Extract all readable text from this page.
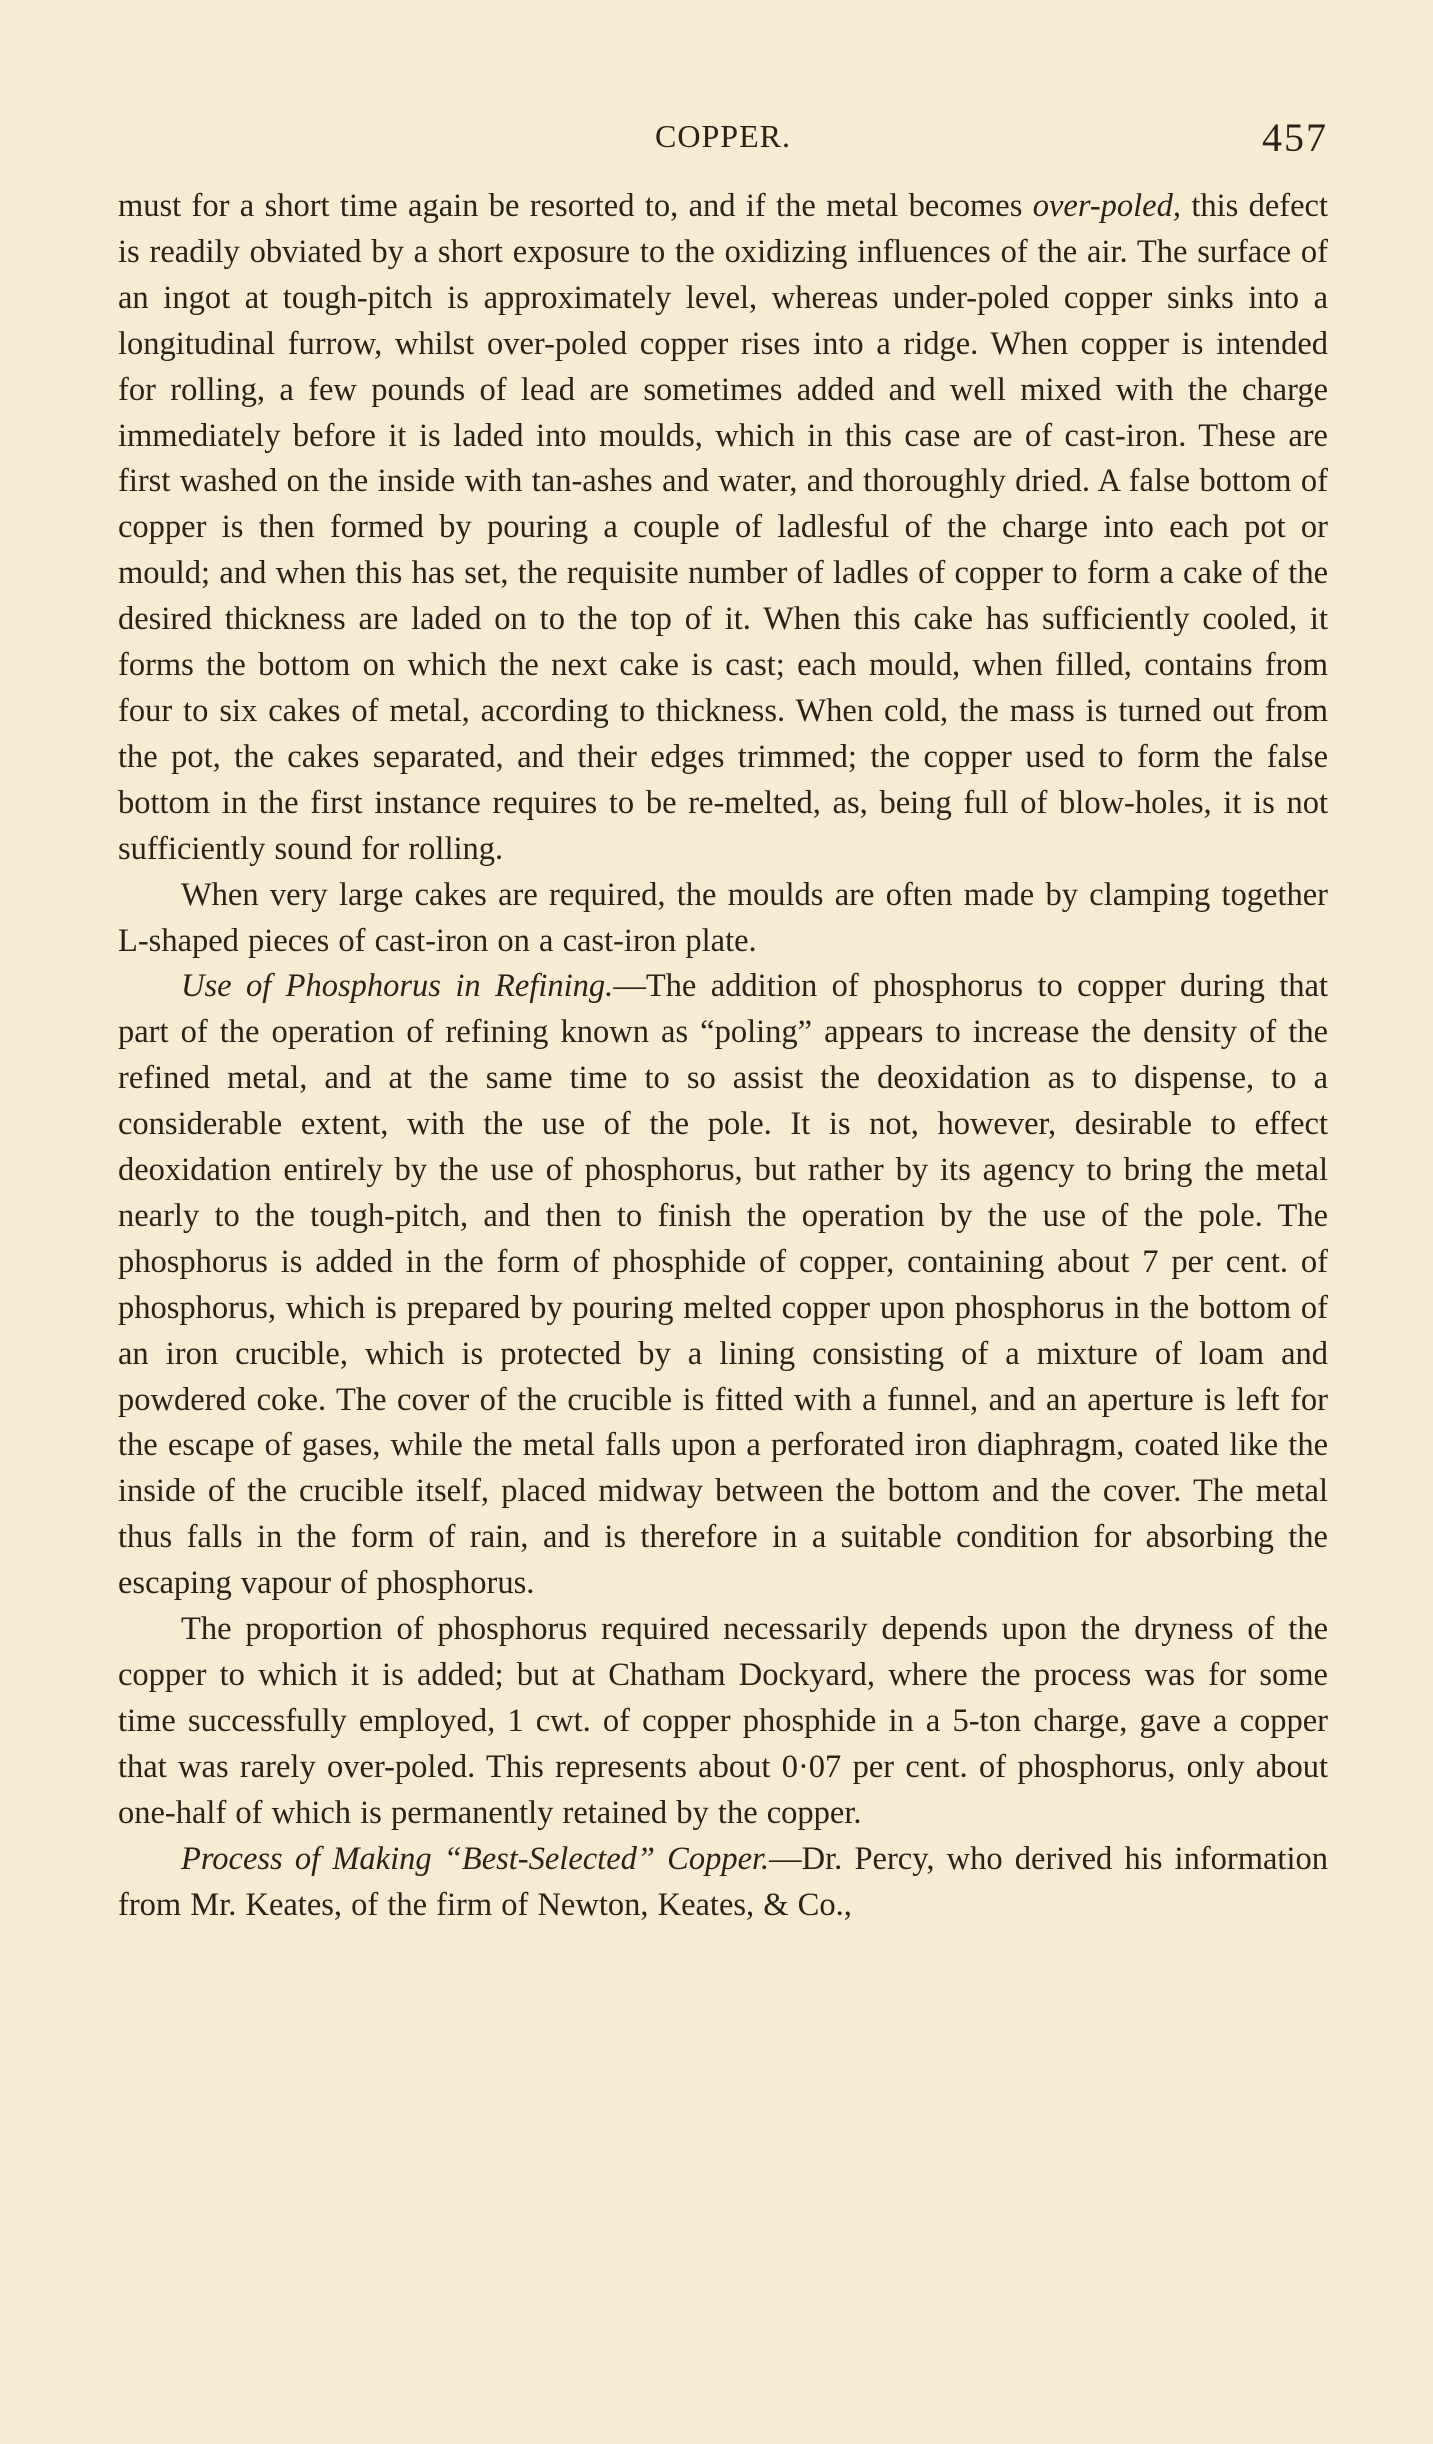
COPPER.	457

must for a short time again be resorted to, and if the metal becomes over-poled, this defect is readily obviated by a short exposure to the oxidizing influences of the air. The surface of an ingot at tough-pitch is approximately level, whereas under-poled copper sinks into a longitudinal furrow, whilst over-poled copper rises into a ridge. When copper is intended for rolling, a few pounds of lead are sometimes added and well mixed with the charge immediately before it is laded into moulds, which in this case are of cast-iron. These are first washed on the inside with tan-ashes and water, and thoroughly dried. A false bottom of copper is then formed by pouring a couple of ladlesful of the charge into each pot or mould; and when this has set, the requisite number of ladles of copper to form a cake of the desired thickness are laded on to the top of it. When this cake has sufficiently cooled, it forms the bottom on which the next cake is cast; each mould, when filled, contains from four to six cakes of metal, according to thickness. When cold, the mass is turned out from the pot, the cakes separated, and their edges trimmed; the copper used to form the false bottom in the first instance requires to be re-melted, as, being full of blow-holes, it is not sufficiently sound for rolling.

When very large cakes are required, the moulds are often made by clamping together L-shaped pieces of cast-iron on a cast-iron plate.

Use of Phosphorus in Refining.—The addition of phosphorus to copper during that part of the operation of refining known as “poling” appears to increase the density of the refined metal, and at the same time to so assist the deoxidation as to dispense, to a considerable extent, with the use of the pole. It is not, however, desirable to effect deoxidation entirely by the use of phosphorus, but rather by its agency to bring the metal nearly to the tough-pitch, and then to finish the operation by the use of the pole. The phosphorus is added in the form of phosphide of copper, containing about 7 per cent. of phosphorus, which is prepared by pouring melted copper upon phosphorus in the bottom of an iron crucible, which is protected by a lining consisting of a mixture of loam and powdered coke. The cover of the crucible is fitted with a funnel, and an aperture is left for the escape of gases, while the metal falls upon a perforated iron diaphragm, coated like the inside of the crucible itself, placed midway between the bottom and the cover. The metal thus falls in the form of rain, and is therefore in a suitable condition for absorbing the escaping vapour of phosphorus.

The proportion of phosphorus required necessarily depends upon the dryness of the copper to which it is added; but at Chatham Dockyard, where the process was for some time successfully employed, 1 cwt. of copper phosphide in a 5-ton charge, gave a copper that was rarely over-poled. This represents about 0·07 per cent. of phosphorus, only about one-half of which is permanently retained by the copper.

Process of Making “Best-Selected” Copper.—Dr. Percy, who derived his information from Mr. Keates, of the firm of Newton, Keates, & Co.,
